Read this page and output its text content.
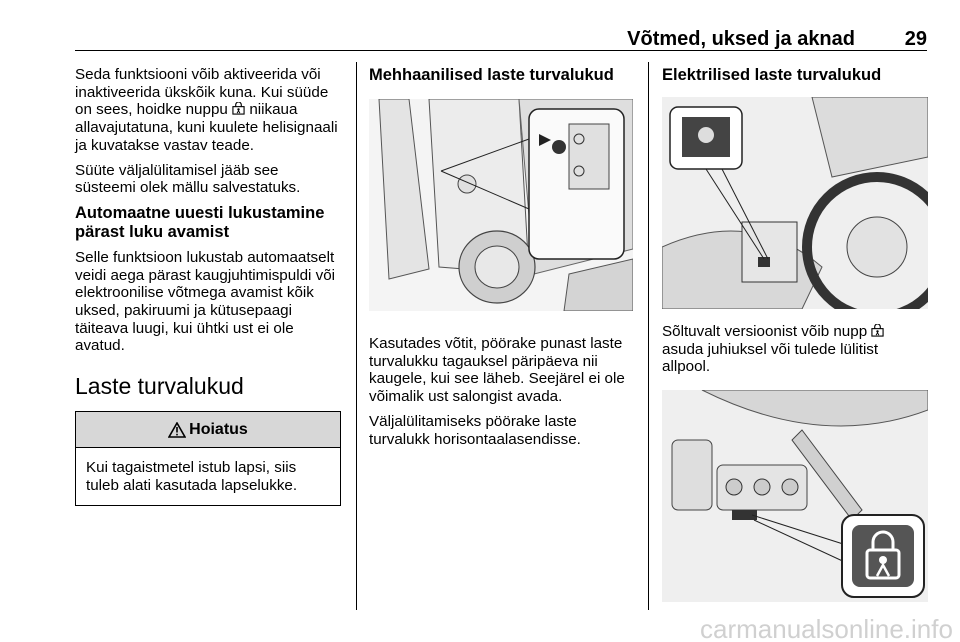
Võtmed, uksed ja aknad 29

Seda funktsiooni võib aktiveerida või inaktiveerida ükskõik kuna. Kui süüde on sees, hoidke nuppu niikaua allavajutatuna, kuni kuulete helisignaali ja kuvatakse vastav teade.

Süüte väljalülitamisel jääb see süsteemi olek mällu salvestatuks.

Automaatne uuesti lukustamine pärast luku avamist

Selle funktsioon lukustab automaatselt veidi aega pärast kaugjuhtimispuldi või elektroonilise võtmega avamist kõik uksed, pakiruumi ja kütusepaagi täiteava luugi, kui ühtki ust ei ole avatud.

Laste turvalukud
Hoiatus
Kui tagaistmetel istub lapsi, siis tuleb alati kasutada lapselukke.
Mehhaanilised laste turvalukud

Kasutades võtit, pöörake punast laste turvalukku tagauksel päripäeva nii kaugele, kui see läheb. Seejärel ei ole võimalik ust salongist avada.

Väljalülitamiseks pöörake laste turvalukk horisontaalasendisse.

Elektrilised laste turvalukud

Sõltuvalt versioonist võib nupp  asuda juhiuksel või tulede lülitist allpool.

carmanualsonline.info
